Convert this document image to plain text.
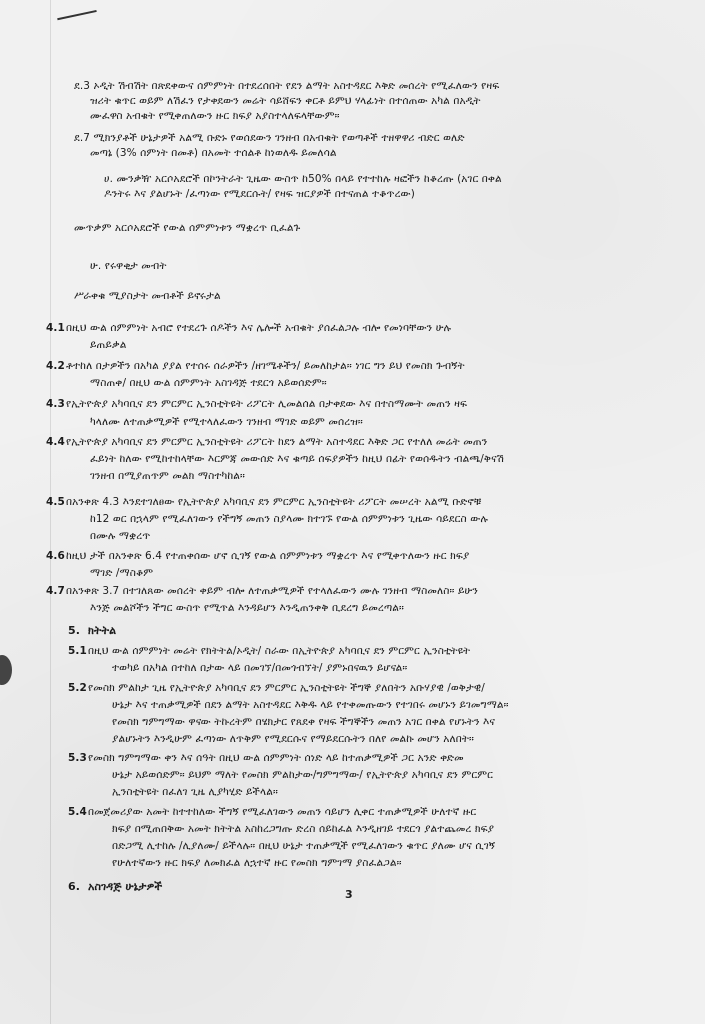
ደ.3 ኦዲት ሽብሽት በጽደቀውና ሰምምነት በተደረሰበት የደን ልማት አስተዳደር እቅድ መሰረት የሚፈለውን የዛፍ
ዝሪት ቁጥር ወይም ለሽፈን የታቀደውን መሬት ሳይሸፍን ቀርቶ ይምህ ሃላፊነት በተሰጠው አካል በአዲት
ሙፈዋስ አብቁት የሚቀጠለውን ዙር ክፍያ አያስተላለፍላቸውም።
ደ.7 ሚክንያቶች ሁኔታዎች አልሚ ቡድኑ የወሰደውን ገንዘብ በአብቁት የወጣቶች ተዘዋዋሪ ብድር ወለድ
መጣኔ (3% ሰምነት በመቶ) በአመት ተሰልቶ ከነወለዱ ይመለሳል
ሀ. ሙንቃዥ አርሶአደሮች በኮንትራት ጊዜው ውስጥ ከ50% በላይ የተተከሉ ዛፎችን ከቆረጡ (አገር በቀል
ዶንትሩ እና ያልሆኑት /ፈጣነው የሚደርሱት/ የዛፍ ዝርያዎች በተናጠል ተቆጥረው)
ሙጥቃም አርሶአደሮች የውል ሰምምነቱን ማቋረጥ ቢፈልጉ
ሁ. የሩዋቂታ መብት
ሥራቀቁ ሚያስታት መብቶች ይኖሩታል
4.1በዚህ ውል ሰምምነት አብሮ የተደረጉ ሰዶችን እና ሌሎች አብቁት ያሰፈልጋሉ ብሎ የመነባቸውን ሁሉ
ይጠይቃል
4.2ቶተከለ በታዎችን በአካል ያያል የተሰሩ ሰራዎችን /ዘገሜቶችን/ ይመለከታል። ነገር ግን ይህ የመስክ ጉብኝት
ማስጠቀ/ በዚህ ውል ሰምምነት አስገዳጅ ተደርጎ አይወሰድም።
4.3የኢትዮጵያ አካባቢና ደን ምርምር ኢንስቲትዩት ሪፖርት ሊመልሰል በታቀደው እና በተስማሙት መጠን ዛፍ
ካላለሙ ለተጠቃሚዎች የሚተላለፈውን ገንዘብ ማገድ ወይም መሰረዝ።
4.4የኢትዮጵያ አካባቢና ደን ምርምር ኢንስቲትዩት ሪፖርት ከደን ልማት አስተዳደር እቅድ ጋር የተለለ መሬት መጠን
ፈይነት ከለው የሚከተከላቸው እርምጃ መውሰድ እና ቁጣይ ሰፍያዎችን ከዚህ በፊት የወሰዱትን ብልጫ/ቅናሽ
ገንዘብ በሚያጠጥም መልክ ማስተካከል።
4.5በአንቀጽ 4.3 እንደተገለፀው የኢትዮጵያ አካባቢና ደን ምርምር ኢንስቲትዩት ሪፖርት መሠረት አልሚ ቡድኖቹ
ከ12 ወር በኋላም የሚፈለገውን የችግኝ መጠን ስያላሙ ክተገኙ የውል ሰምምነቱን ጊዜው ሳይደርስ ውሉ
በሙሉ ማቋረጥ
4.6ከዚህ ታች በአንቀጽ 6.4 የተጠቀሰው ሆኖ ሲገኝ የውል ሰምምነቱን ማቋረጥ እና የሚቀጥለውን ዙር ክፍያ
ማገድ /ማስቆም
4.7በአንቀጽ 3.7 በተገለጸው መሰረት ቀይም ብሎ ለተጠቃሚዎች የተላለፈውን ሙሉ ገንዘብ ማስመለስ። ይሁን
እንጅ መልሾችን ችግር ውስጥ የሚጥል እንዳይሆን እንዲጠንቀቅ ቢደረግ ይመረጣል።
5. ክትትል
5.1በዚህ ውል ሰምምነት መሬት የክትትል/ኦዲት/ ስራው በኢትዮጵያ አካባቢና ደን ምርምር ኢንስቲትዩት
ተወካይ በአካል በተከለ በታው ላይ በመገኘ/በመጎብኘት/ ያምኑበናዉን ይሆናል።
5.2የመስክ ምልከታ ጊዜ የኢትዮጵያ አካባቢና ደን ምርምር ኢንስቲትዩት ችግኞ ያለበትን አቡሃያዊ /ወቅታዊ/
ሁኔታ እና ተጠቃሚዎች በደን ልማት አስተዳደር እቅዱ ላይ የተቀመጡውን የተገበሩ መሆኑን ይገመግማል።
የመስክ ግምግማው ዋናው ትኩረትም በሄክታር የጸደቀ የዛፍ ችግኞችን መጠን አገር በቀል የሆኑትን እና
ያልሆኑትን እንዲሁም ፈጣነው ለጥቅም የሚደርሱና የማይደርሱትን በለየ መልኩ መሆን አለበት።
5.3የመስክ ግምግማው ቀን እና ሰዓት በዚህ ውል ሰምምነት ሰነድ ላይ ከተጠቃሚዎች ጋር አንድ ቀድመ
ሁኔታ አይወሰድም። ይህም ማለት የመስክ ምልከታው/ግምግማው/ የኢትዮጵያ አካባቢና ደን ምርምር
ኢንስቲትዩት በፈለገ ጊዜ ሊያካሂድ ይችላል።
5.4በመጀመሪያው አመት ከተተከለው ችግኝ የሚፈለገውን መጠን ሳይሆን ሊቀር ተጠቃሚዎች ሁለተኛ ዙር
ክፍያ በሚጠበቅው አመት ክትትል አስከረጋግጡ ድረስ ሰይከፈል እንዲዘገይ ተደርጎ ያልተጨመረ ክፍያ
በድጋሚ ሊተከሉ /ሊያለሙ/ ይችላሉ። በዚህ ሁኔታ ተጠቃሚች የሚፈለገውን ቁጥር ያለሙ ሆና ሲገኝ
የሁለተኛውን ዙር ክፍያ ለመክፈል ለኋተኛ ዙር የመስክ ግምገማ ያስፈልጋል።
6. አስገዳጅ ሁኔታዎች
3
